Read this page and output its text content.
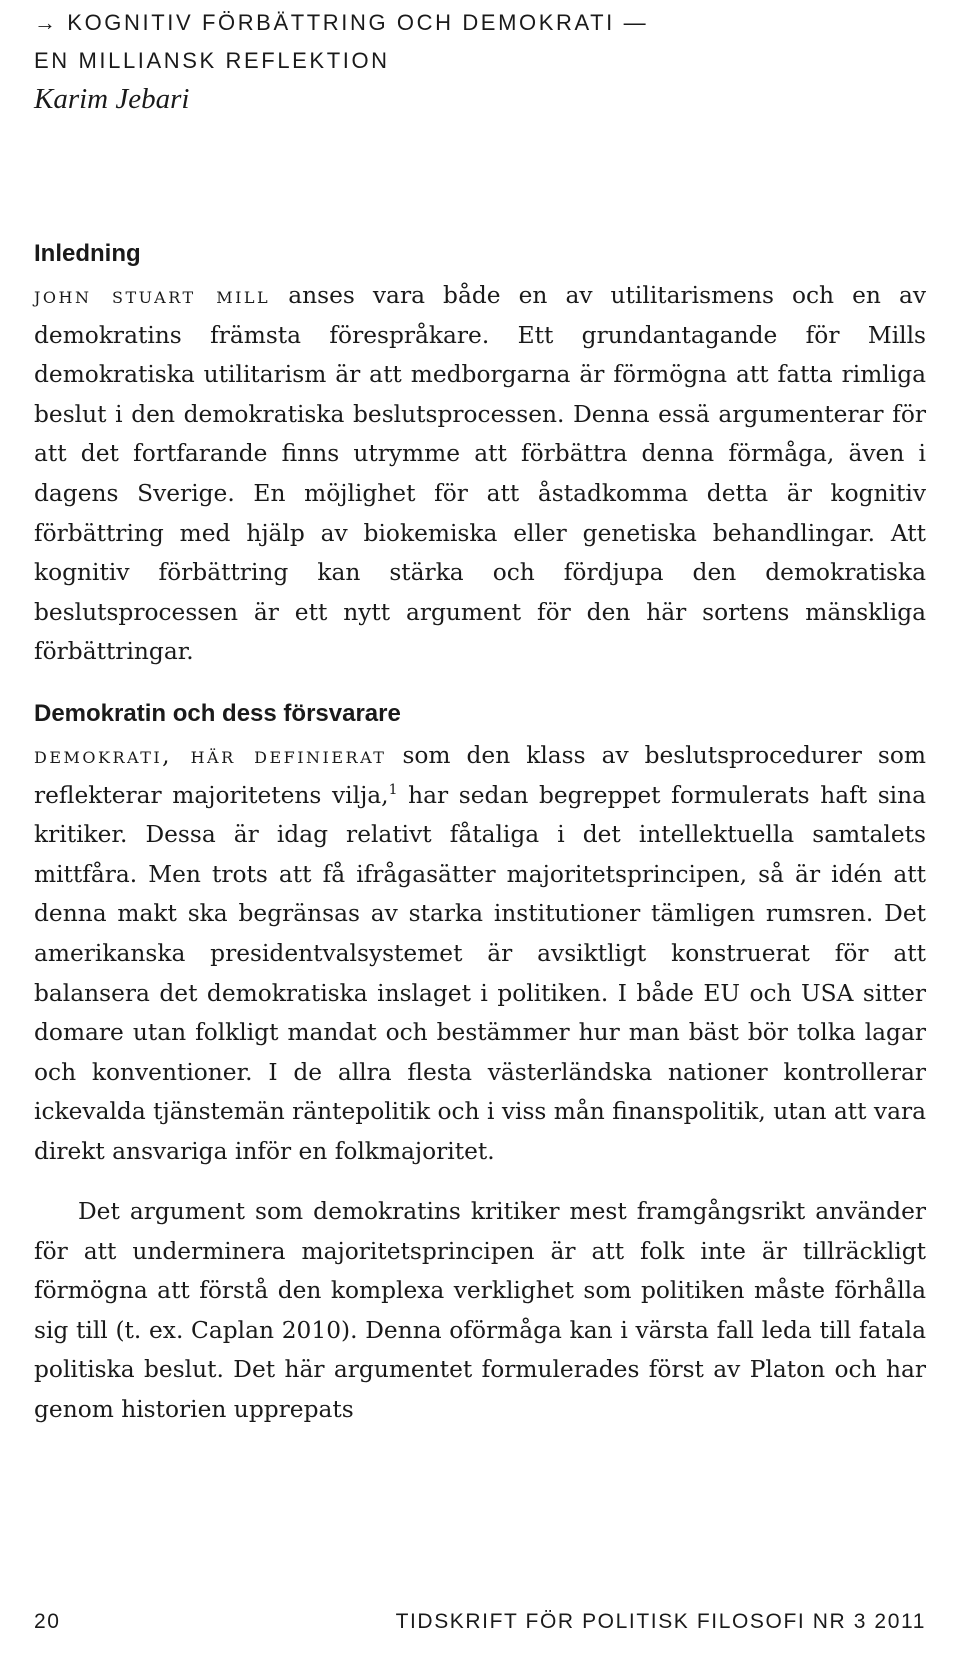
→ KOGNITIV FÖRBÄTTRING OCH DEMOKRATI —

EN MILLIANSK REFLEKTION

Karim Jebari

Inledning

john stuart mill anses vara både en av utilitarismens och en av demokratins främsta förespråkare. Ett grundantagande för Mills demokratiska utilitarism är att medborgarna är förmögna att fatta rimliga beslut i den demokratiska beslutsprocessen. Denna essä argumenterar för att det fortfarande finns utrymme att förbättra denna förmåga, även i dagens Sverige. En möjlighet för att åstadkomma detta är kognitiv förbättring med hjälp av biokemiska eller genetiska behandlingar. Att kognitiv förbättring kan stärka och fördjupa den demokratiska beslutsprocessen är ett nytt argument för den här sortens mänskliga förbättringar.

Demokratin och dess försvarare

demokrati, här definierat som den klass av beslutsprocedurer som reflekterar majoritetens vilja,$^1$ har sedan begreppet formulerats haft sina kritiker. Dessa är idag relativt fåtaliga i det intellektuella samtalets mittfåra. Men trots att få ifrågasätter majoritetsprincipen, så är idén att denna makt ska begränsas av starka institutioner tämligen rumsren. Det amerikanska presidentvalsystemet är avsiktligt konstruerat för att balansera det demokratiska inslaget i politiken. I både EU och USA sitter domare utan folkligt mandat och bestämmer hur man bäst bör tolka lagar och konventioner. I de allra flesta västerländska nationer kontrollerar ickevalda tjänstemän räntepolitik och i viss mån finanspolitik, utan att vara direkt ansvariga inför en folkmajoritet.

Det argument som demokratins kritiker mest framgångsrikt använder för att underminera majoritetsprincipen är att folk inte är tillräckligt förmögna att förstå den komplexa verklighet som politiken måste förhålla sig till (t. ex. Caplan 2010). Denna oförmåga kan i värsta fall leda till fatala politiska beslut. Det här argumentet formulerades först av Platon och har genom historien upprepats

20	TIDSKRIFT FÖR POLITISK FILOSOFI NR 3 2011
